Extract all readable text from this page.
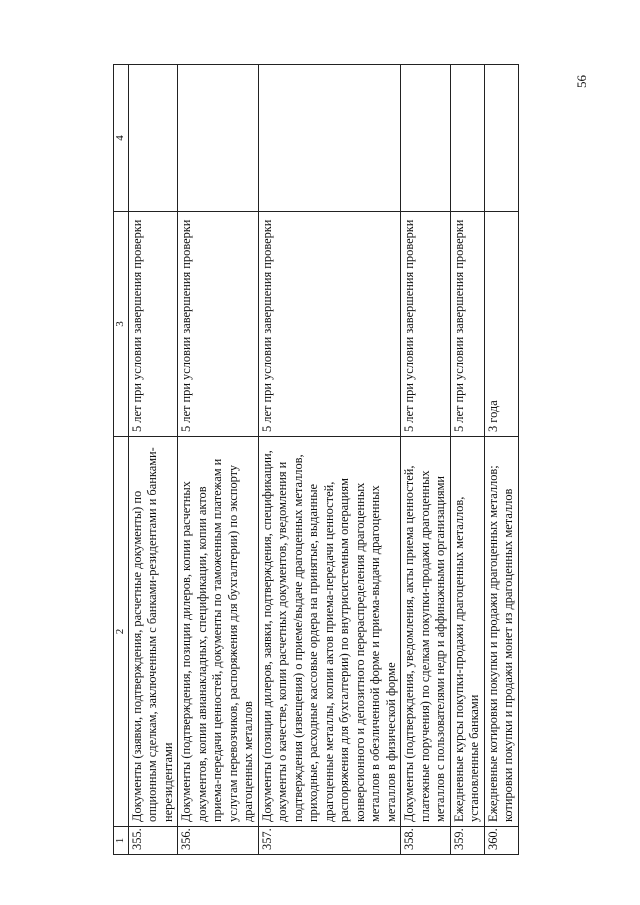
56
1	2	3	4
355.	Документы (заявки, подтверждения, расчетные документы) по опционным сделкам, заключенным с банками-резидентами и банками-нерезидентами	5 лет при условии завершения проверки	
356.	Документы (подтверждения, позиции дилеров, копии расчетных документов, копии авианакладных, спецификации, копии актов приема-передачи ценностей, документы по таможенным платежам и услугам перевозчиков, распоряжения для бухгалтерии) по экспорту драгоценных металлов	5 лет при условии завершения проверки	
357.	Документы (позиции дилеров, заявки, подтверждения, спецификации, документы о качестве, копии расчетных документов, уведомления и подтверждения (извещения) о приеме/выдаче драгоценных металлов, приходные, расходные кассовые ордера на принятые, выданные драгоценные металлы, копии актов приема-передачи ценностей, распоряжения для бухгалтерии) по внутрисистемным операциям конверсионного и депозитного перераспределения драгоценных металлов в обезличенной форме и приема-выдачи драгоценных металлов в физической форме	5 лет при условии завершения проверки	
358.	Документы (подтверждения, уведомления, акты приема ценностей, платежные поручения) по сделкам покупки-продажи драгоценных металлов с пользователями недр и аффинажными организациями	5 лет при условии завершения проверки	
359.	Ежедневные курсы покупки-продажи драгоценных металлов, установленные банками	5 лет при условии завершения проверки	
360.	Ежедневные котировки покупки и продажи драгоценных металлов; котировки покупки и продажи монет из драгоценных металлов	3 года	
